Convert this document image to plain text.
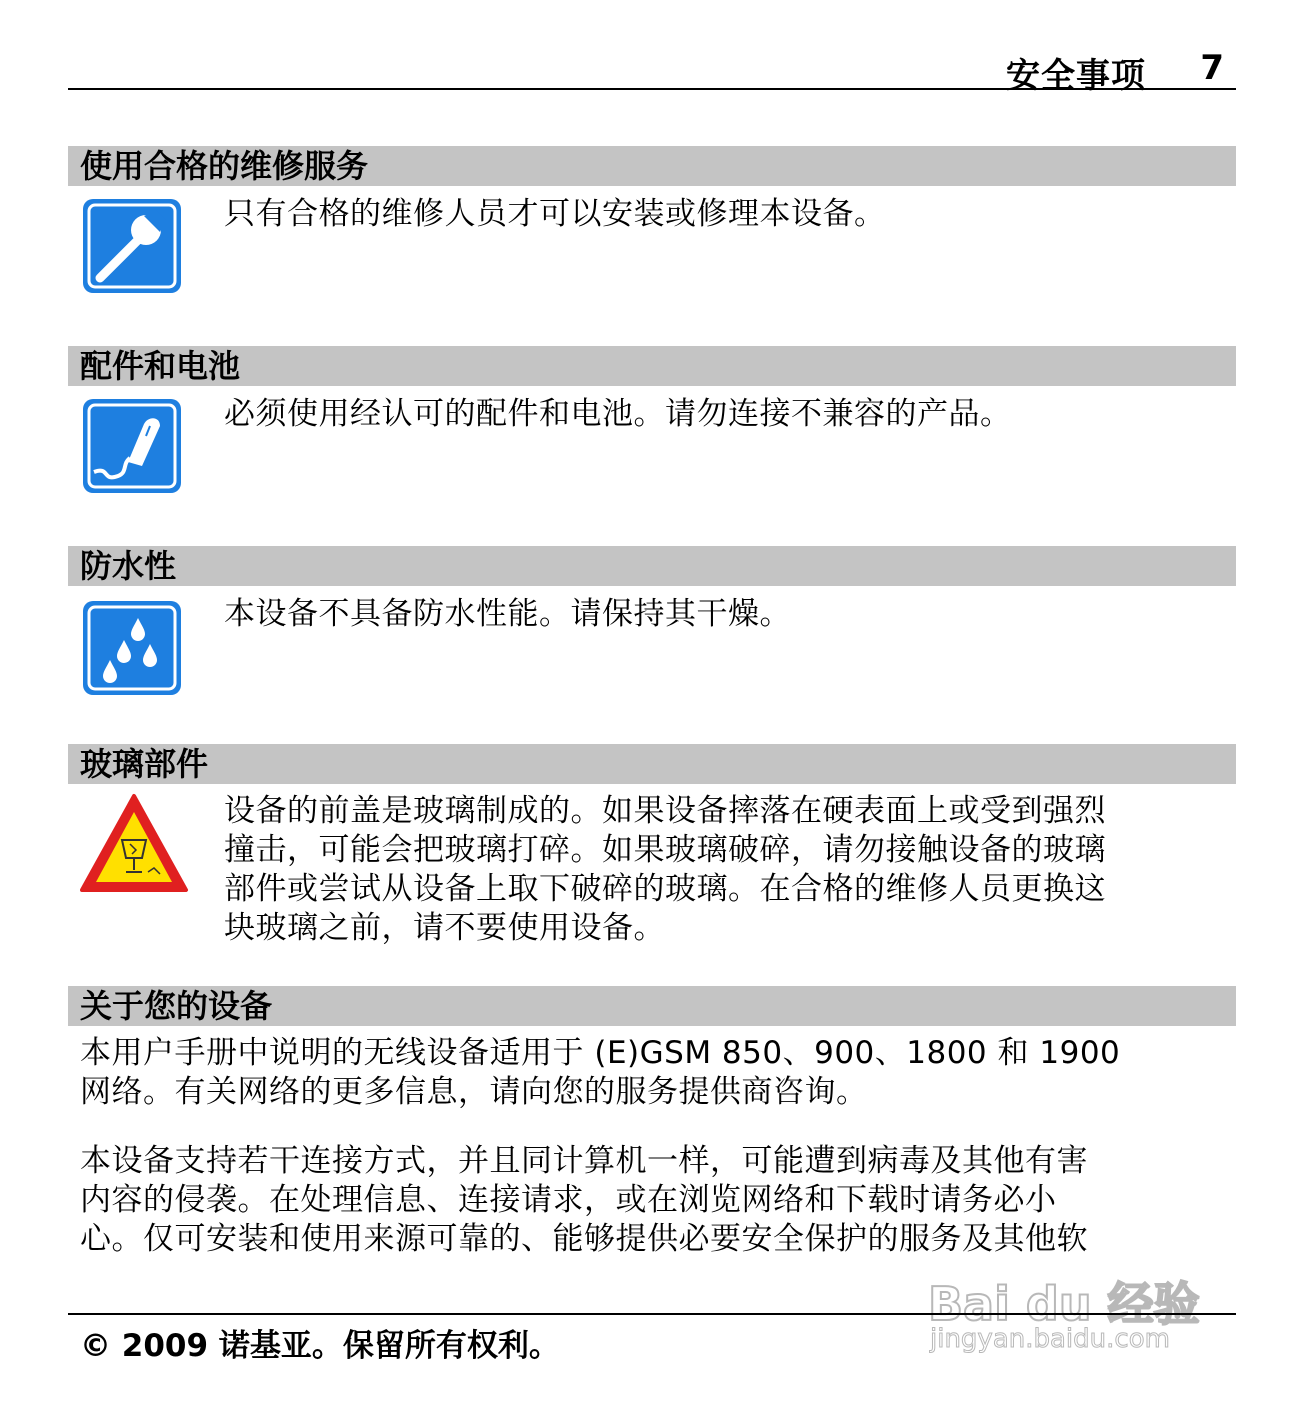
安全事项 7
使用合格的维修服务

只有合格的维修人员才可以安装或修理本设备。

配件和电池

必须使用经认可的配件和电池。请勿连接不兼容的产品。

防水性

本设备不具备防水性能。请保持其干燥。

玻璃部件

设备的前盖是玻璃制成的。如果设备摔落在硬表面上或受到强烈

撞击，可能会把玻璃打碎。如果玻璃破碎，请勿接触设备的玻璃

部件或尝试从设备上取下破碎的玻璃。在合格的维修人员更换这

块玻璃之前，请不要使用设备。

关于您的设备

本用户手册中说明的无线设备适用于 (E)GSM 850、900、1800 和 1900

网络。有关网络的更多信息，请向您的服务提供商咨询。

本设备支持若干连接方式，并且同计算机一样，可能遭到病毒及其他有害

内容的侵袭。在处理信息、连接请求，或在浏览网络和下载时请务必小

心。仅可安装和使用来源可靠的、能够提供必要安全保护的服务及其他软

Bai du 经验
jingyan.baidu.com
© 2009 诺基亚。保留所有权利。
